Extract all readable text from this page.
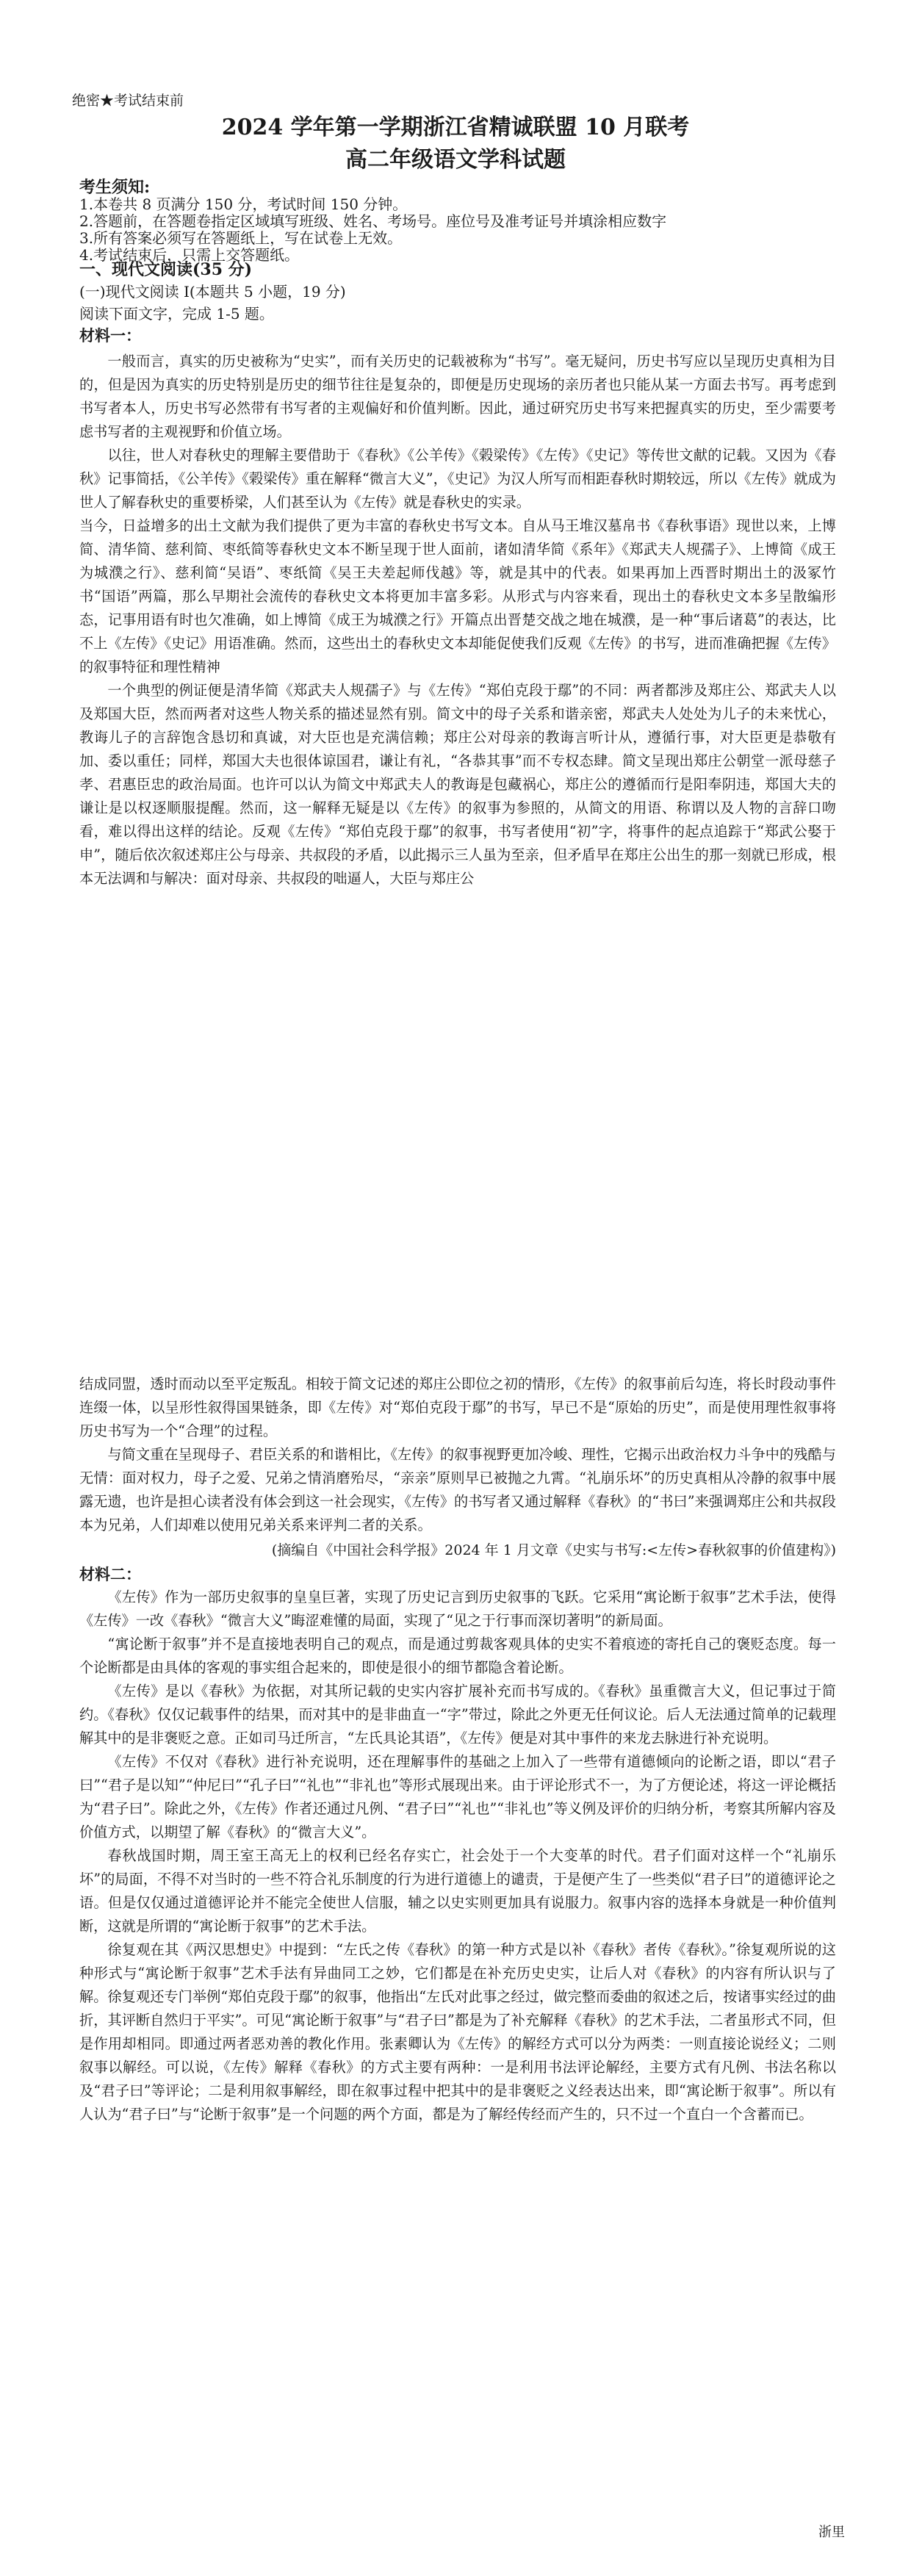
绝密★考试结束前
2024 学年第一学期浙江省精诚联盟 10 月联考
高二年级语文学科试题
考生须知:
1.本卷共 8 页满分 150 分，考试时间 150 分钟。
2.答题前，在答题卷指定区域填写班级、姓名、考场号。座位号及准考证号并填涂相应数字
3.所有答案必须写在答题纸上，写在试卷上无效。
4.考试结束后，只需上交答题纸。
一、现代文阅读(35 分)
(一)现代文阅读 I(本题共 5 小题，19 分)
阅读下面文字，完成 1-5 题。
材料一：

一般而言，真实的历史被称为“史实”，而有关历史的记载被称为“书写”。毫无疑问，历史书写应以呈现历史真相为目的，但是因为真实的历史特别是历史的细节往往是复杂的，即便是历史现场的亲历者也只能从某一方面去书写。再考虑到书写者本人，历史书写必然带有书写者的主观偏好和价值判断。因此，通过研究历史书写来把握真实的历史，至少需要考虑书写者的主观视野和价值立场。

以往，世人对春秋史的理解主要借助于《春秋》《公羊传》《榖梁传》《左传》《史记》等传世文献的记载。又因为《春秋》记事简括，《公羊传》《榖梁传》重在解释“微言大义”，《史记》为汉人所写而相距春秋时期较远，所以《左传》就成为世人了解春秋史的重要桥梁，人们甚至认为《左传》就是春秋史的实录。

当今，日益增多的出土文献为我们提供了更为丰富的春秋史书写文本。自从马王堆汉墓帛书《春秋事语》现世以来，上博简、清华简、慈利简、枣纸简等春秋史文本不断呈现于世人面前，诸如清华简《系年》《郑武夫人规孺子》、上博简《成王为城濮之行》、慈利简“吴语”、枣纸简《吴王夫差起师伐越》等，就是其中的代表。如果再加上西晋时期出土的汲冢竹书“国语”两篇，那么早期社会流传的春秋史文本将更加丰富多彩。从形式与内容来看，现出土的春秋史文本多呈散编形态，记事用语有时也欠准确，如上博简《成王为城濮之行》开篇点出晋楚交战之地在城濮，是一种“事后诸葛”的表达，比不上《左传》《史记》用语准确。然而，这些出土的春秋史文本却能促使我们反观《左传》的书写，进而准确把握《左传》的叙事特征和理性精神

一个典型的例证便是清华简《郑武夫人规孺子》与《左传》“郑伯克段于鄢”的不同：两者都涉及郑庄公、郑武夫人以及郑国大臣，然而两者对这些人物关系的描述显然有别。简文中的母子关系和谐亲密，郑武夫人处处为儿子的未来忧心，教诲儿子的言辞饱含恳切和真诚，对大臣也是充满信赖；郑庄公对母亲的教诲言听计从，遵循行事，对大臣更是恭敬有加、委以重任；同样，郑国大夫也很体谅国君，谦让有礼，“各恭其事”而不专权态肆。简文呈现出郑庄公朝堂一派母慈子孝、君惠臣忠的政治局面。也许可以认为简文中郑武夫人的教诲是包藏祸心，郑庄公的遵循而行是阳奉阴违，郑国大夫的谦让是以权逐顺服提醒。然而，这一解释无疑是以《左传》的叙事为参照的，从简文的用语、称谓以及人物的言辞口吻看，难以得出这样的结论。反观《左传》“郑伯克段于鄢”的叙事，书写者使用“初”字，将事件的起点追踪于“郑武公娶于申”，随后依次叙述郑庄公与母亲、共叔段的矛盾，以此揭示三人虽为至亲，但矛盾早在郑庄公出生的那一刻就已形成，根本无法调和与解决：面对母亲、共叔段的咄逼人，大臣与郑庄公

结成同盟，透时而动以至平定叛乱。相较于简文记述的郑庄公即位之初的情形，《左传》的叙事前后勾连，将长时段动事件连缀一体，以呈形性叙得国果链条，即《左传》对“郑伯克段于鄢”的书写，早已不是“原始的历史”，而是使用理性叙事将历史书写为一个“合理”的过程。

与简文重在呈现母子、君臣关系的和谐相比，《左传》的叙事视野更加冷峻、理性，它揭示出政治权力斗争中的残酷与无情：面对权力，母子之爱、兄弟之情消磨殆尽，“亲亲”原则早已被抛之九霄。“礼崩乐坏”的历史真相从冷静的叙事中展露无遗，也许是担心读者没有体会到这一社会现实，《左传》的书写者又通过解释《春秋》的“书曰”来强调郑庄公和共叔段本为兄弟，人们却难以使用兄弟关系来评判二者的关系。

(摘编自《中国社会科学报》2024 年 1 月文章《史实与书写:<左传>春秋叙事的价值建构》)
材料二：

《左传》作为一部历史叙事的皇皇巨著，实现了历史记言到历史叙事的飞跃。它采用“寓论断于叙事”艺术手法，使得《左传》一改《春秋》“微言大义”晦涩难懂的局面，实现了“见之于行事而深切著明”的新局面。

“寓论断于叙事”并不是直接地表明自己的观点，而是通过剪裁客观具体的史实不着痕迹的寄托自己的褒贬态度。每一个论断都是由具体的客观的事实组合起来的，即使是很小的细节都隐含着论断。

《左传》是以《春秋》为依据，对其所记载的史实内容扩展补充而书写成的。《春秋》虽重微言大义，但记事过于简约。《春秋》仅仅记载事件的结果，而对其中的是非曲直一“字”带过，除此之外更无任何议论。后人无法通过简单的记载理解其中的是非褒贬之意。正如司马迁所言，“左氏具论其语”，《左传》便是对其中事件的来龙去脉进行补充说明。

《左传》不仅对《春秋》进行补充说明，还在理解事件的基础之上加入了一些带有道德倾向的论断之语，即以“君子曰”“君子是以知”“仲尼曰”“孔子曰”“礼也”“非礼也”等形式展现出来。由于评论形式不一，为了方便论述，将这一评论概括为“君子曰”。除此之外，《左传》作者还通过凡例、“君子曰”“礼也”“非礼也”等义例及评价的归纳分析，考察其所解内容及价值方式，以期望了解《春秋》的“微言大义”。

春秋战国时期，周王室王高无上的权利已经名存实亡，社会处于一个大变革的时代。君子们面对这样一个“礼崩乐坏”的局面，不得不对当时的一些不符合礼乐制度的行为进行道德上的谴责，于是便产生了一些类似“君子曰”的道德评论之语。但是仅仅通过道德评论并不能完全使世人信服，辅之以史实则更加具有说服力。叙事内容的选择本身就是一种价值判断，这就是所谓的“寓论断于叙事”的艺术手法。

徐复观在其《两汉思想史》中提到：“左氏之传《春秋》的第一种方式是以补《春秋》者传《春秋》。”徐复观所说的这种形式与“寓论断于叙事”艺术手法有异曲同工之妙，它们都是在补充历史史实，让后人对《春秋》的内容有所认识与了解。徐复观还专门举例“郑伯克段于鄢”的叙事，他指出“左氏对此事之经过，做完整而委曲的叙述之后，按诸事实经过的曲折，其评断自然归于平实”。可见“寓论断于叙事”与“君子曰”都是为了补充解释《春秋》的艺术手法，二者虽形式不同，但是作用却相同。即通过两者恶劝善的教化作用。张素卿认为《左传》的解经方式可以分为两类：一则直接论说经义；二则叙事以解经。可以说，《左传》解释《春秋》的方式主要有两种：一是利用书法评论解经，主要方式有凡例、书法名称以及“君子曰”等评论；二是利用叙事解经，即在叙事过程中把其中的是非褒贬之义经表达出来，即“寓论断于叙事”。所以有人认为“君子曰”与“论断于叙事”是一个问题的两个方面，都是为了解经传经而产生的，只不过一个直白一个含蓄而已。

浙里
